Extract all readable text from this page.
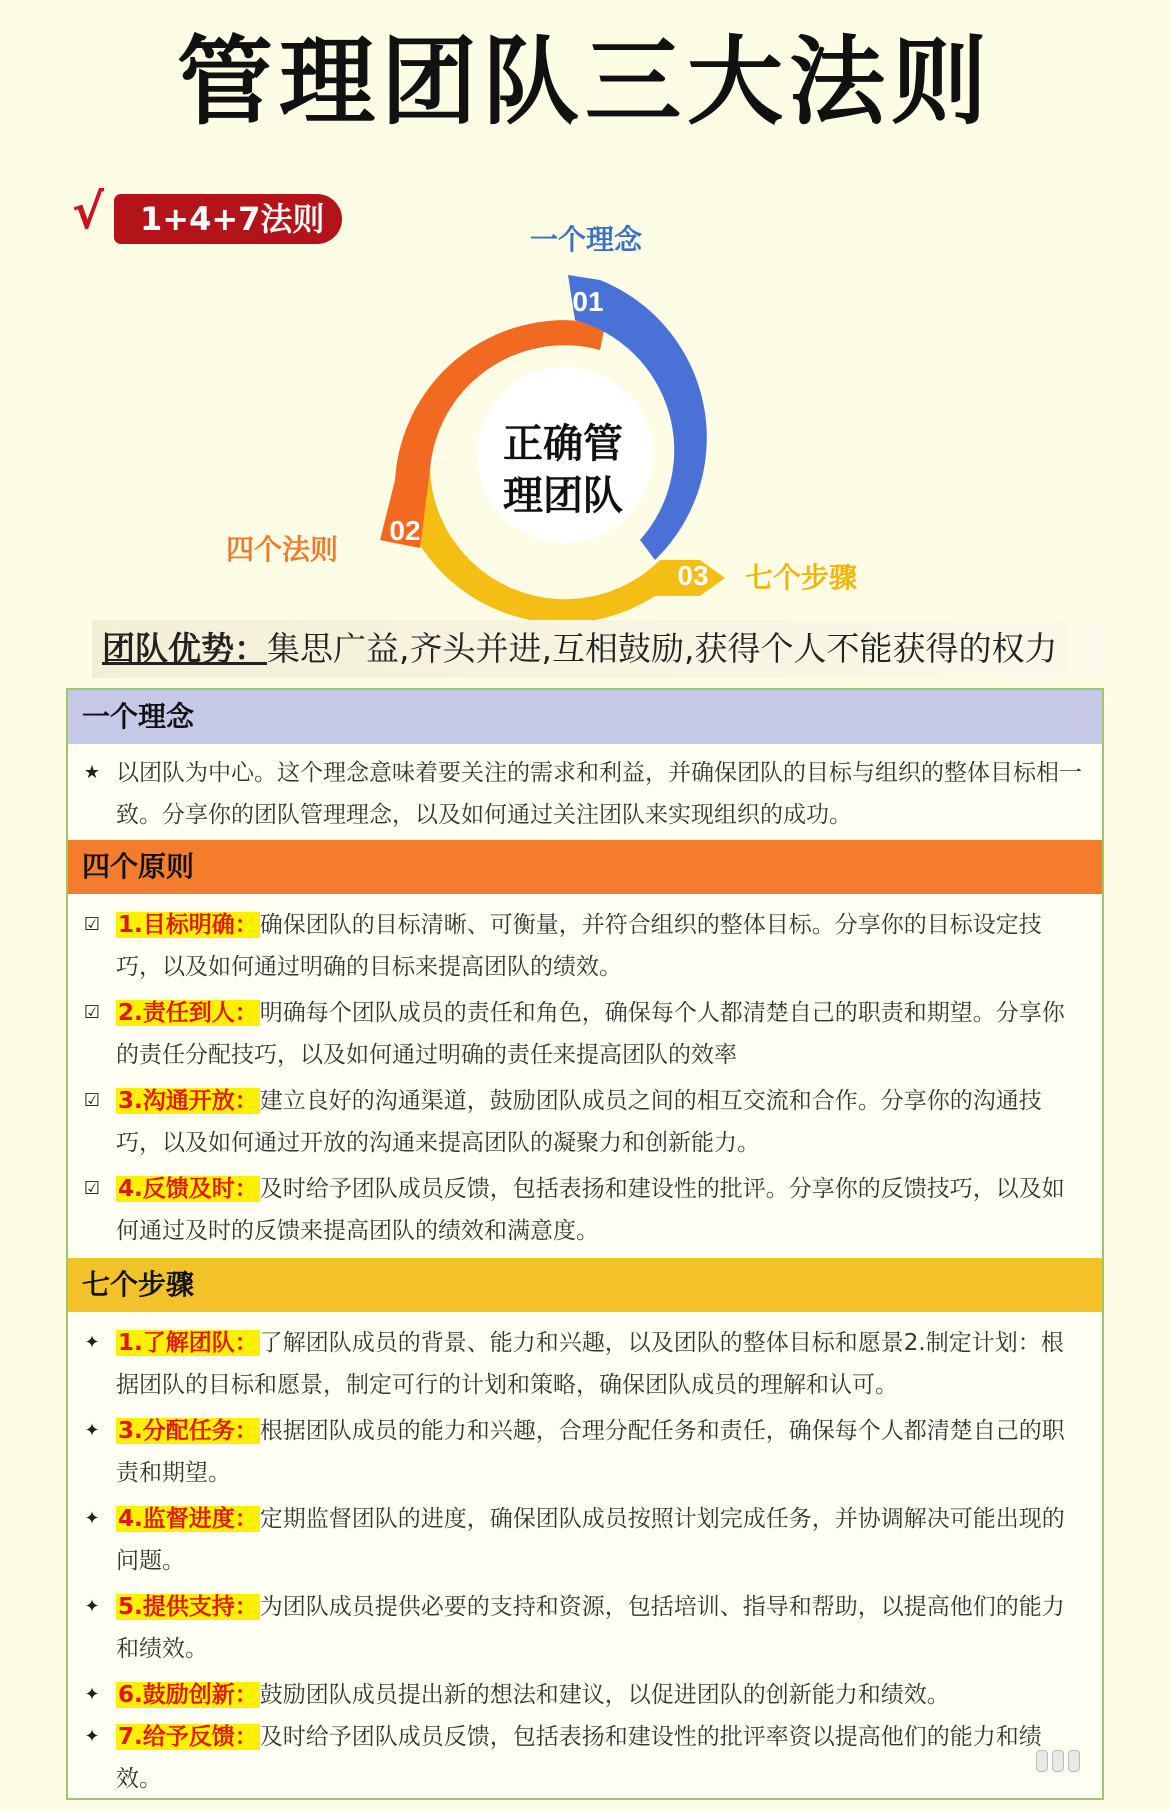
管理团队三大法则
√	1+4+7法则
01
02
03
一个理念
四个法则
七个步骤
正确管
理团队
团队优势：集思广益,齐头并进,互相鼓励,获得个人不能获得的权力
一个理念
★ 以团队为中心。这个理念意味着要关注的需求和利益，并确保团队的目标与组织的整体目标相一致。分享你的团队管理理念，以及如何通过关注团队来实现组织的成功。
四个原则
☑ 1.目标明确：确保团队的目标清晰、可衡量，并符合组织的整体目标。分享你的目标设定技巧，以及如何通过明确的目标来提高团队的绩效。
☑ 2.责任到人：明确每个团队成员的责任和角色，确保每个人都清楚自己的职责和期望。分享你的责任分配技巧，以及如何通过明确的责任来提高团队的效率
☑ 3.沟通开放：建立良好的沟通渠道，鼓励团队成员之间的相互交流和合作。分享你的沟通技巧，以及如何通过开放的沟通来提高团队的凝聚力和创新能力。
☑ 4.反馈及时：及时给予团队成员反馈，包括表扬和建设性的批评。分享你的反馈技巧，以及如何通过及时的反馈来提高团队的绩效和满意度。
七个步骤
✦ 1.了解团队：了解团队成员的背景、能力和兴趣，以及团队的整体目标和愿景2.制定计划：根据团队的目标和愿景，制定可行的计划和策略，确保团队成员的理解和认可。
✦ 3.分配任务：根据团队成员的能力和兴趣，合理分配任务和责任，确保每个人都清楚自己的职责和期望。
✦ 4.监督进度：定期监督团队的进度，确保团队成员按照计划完成任务，并协调解决可能出现的问题。
✦ 5.提供支持：为团队成员提供必要的支持和资源，包括培训、指导和帮助，以提高他们的能力和绩效。
✦ 6.鼓励创新：鼓励团队成员提出新的想法和建议，以促进团队的创新能力和绩效。
✦ 7.给予反馈：及时给予团队成员反馈，包括表扬和建设性的批评率资以提高他们的能力和绩效。
